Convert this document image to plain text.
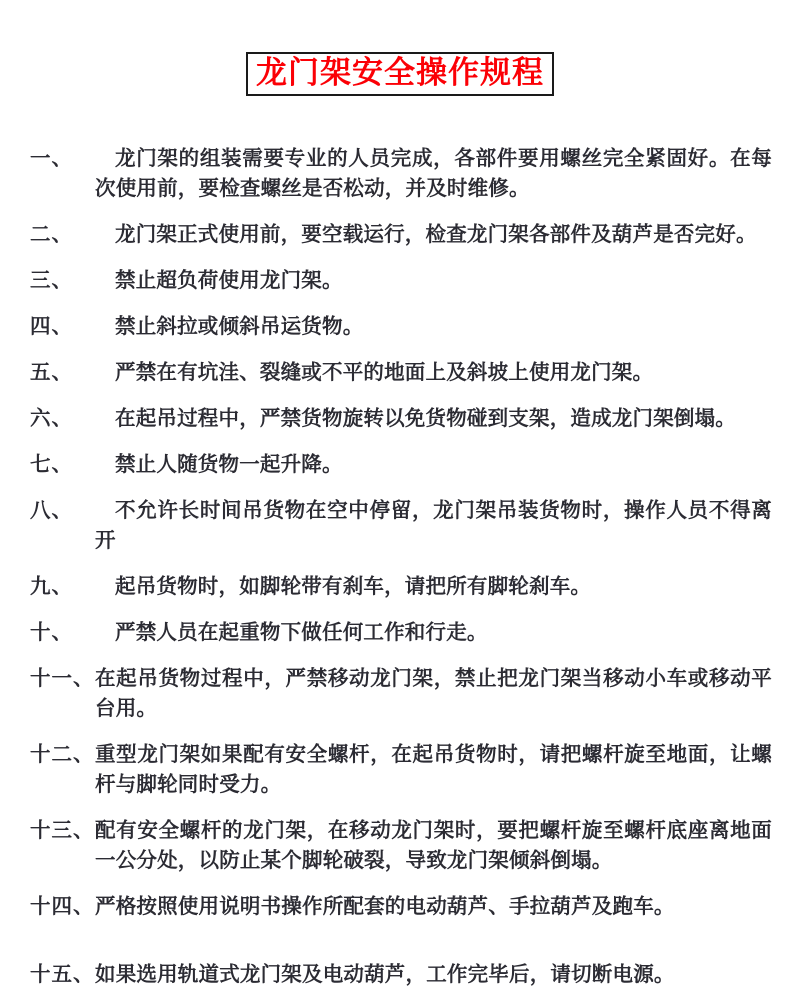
龙门架安全操作规程
一、	龙门架的组装需要专业的人员完成，各部件要用螺丝完全紧固好。在每次使用前，要检查螺丝是否松动，并及时维修。
二、	龙门架正式使用前，要空载运行，检查龙门架各部件及葫芦是否完好。
三、	禁止超负荷使用龙门架。
四、	禁止斜拉或倾斜吊运货物。
五、	严禁在有坑洼、裂缝或不平的地面上及斜坡上使用龙门架。
六、	在起吊过程中，严禁货物旋转以免货物碰到支架，造成龙门架倒塌。
七、	禁止人随货物一起升降。
八、	不允许长时间吊货物在空中停留，龙门架吊装货物时，操作人员不得离开
九、	起吊货物时，如脚轮带有刹车，请把所有脚轮刹车。
十、	严禁人员在起重物下做任何工作和行走。
十一、 在起吊货物过程中，严禁移动龙门架，禁止把龙门架当移动小车或移动平台用。
十二、 重型龙门架如果配有安全螺杆，在起吊货物时，请把螺杆旋至地面，让螺杆与脚轮同时受力。
十三、 配有安全螺杆的龙门架，在移动龙门架时，要把螺杆旋至螺杆底座离地面一公分处，以防止某个脚轮破裂，导致龙门架倾斜倒塌。
十四、 严格按照使用说明书操作所配套的电动葫芦、手拉葫芦及跑车。
十五、 如果选用轨道式龙门架及电动葫芦，工作完毕后，请切断电源。
